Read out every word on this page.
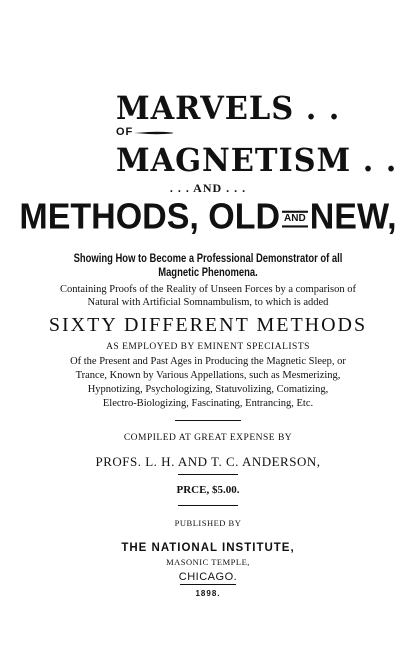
MARVELS . .
OF
MAGNETISM . .
. . . AND . . .
METHODS, OLD AND NEW,
Showing How to Become a Professional Demonstrator of all
Magnetic Phenomena.
Containing Proofs of the Reality of Unseen Forces by a comparison of
Natural with Artificial Somnambulism, to which is added
SIXTY DIFFERENT METHODS
AS EMPLOYED BY EMINENT SPECIALISTS
Of the Present and Past Ages in Producing the Magnetic Sleep, or
Trance, Known by Various Appellations, such as Mesmerizing,
Hypnotizing, Psychologizing, Statuvolizing, Comatizing,
Electro-Biologizing, Fascinating, Entrancing, Etc.
COMPILED AT GREAT EXPENSE BY
PROFS. L. H. AND T. C. ANDERSON,
PRCE, $5.00.
PUBLISHED BY
THE NATIONAL INSTITUTE,
MASONIC TEMPLE,
CHICAGO.
1898.
